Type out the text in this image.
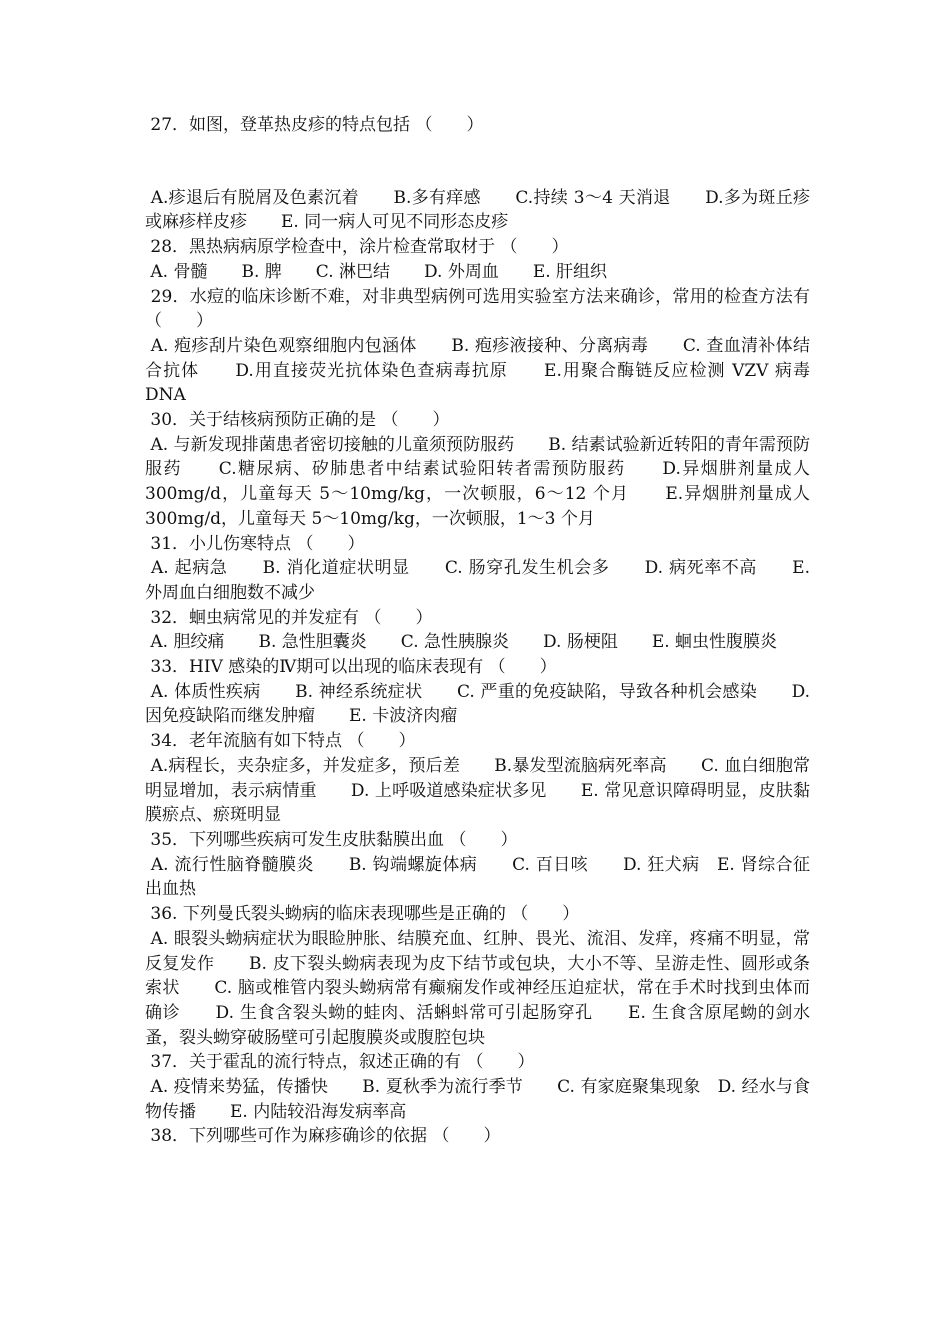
27．如图，登革热皮疹的特点包括 （　　）

A.疹退后有脱屑及色素沉着　　B.多有痒感　　C.持续 3～4 天消退　　D.多为斑丘疹或麻疹样皮疹　　E. 同一病人可见不同形态皮疹

28．黑热病病原学检查中，涂片检查常取材于 （　　）

A. 骨髓　　B. 脾　　C. 淋巴结　　D. 外周血　　E. 肝组织

29．水痘的临床诊断不难，对非典型病例可选用实验室方法来确诊，常用的检查方法有 （　　）

A. 疱疹刮片染色观察细胞内包涵体　　B. 疱疹液接种、分离病毒　　C. 查血清补体结合抗体　　D.用直接荧光抗体染色查病毒抗原　　E.用聚合酶链反应检测 VZV 病毒 DNA

30．关于结核病预防正确的是 （　　）

A. 与新发现排菌患者密切接触的儿童须预防服药　　B. 结素试验新近转阳的青年需预防服药　　C.糖尿病、矽肺患者中结素试验阳转者需预防服药　　D.异烟肼剂量成人 300mg/d，儿童每天 5～10mg/kg，一次顿服，6～12 个月　　E.异烟肼剂量成人 300mg/d，儿童每天 5～10mg/kg，一次顿服，1～3 个月

31．小儿伤寒特点 （　　）

A. 起病急　　B. 消化道症状明显　　C. 肠穿孔发生机会多　　D. 病死率不高　　E. 外周血白细胞数不减少

32．蛔虫病常见的并发症有 （　　）

A. 胆绞痛　　B. 急性胆囊炎　　C. 急性胰腺炎　　D. 肠梗阻　　E. 蛔虫性腹膜炎

33．HIV 感染的Ⅳ期可以出现的临床表现有 （　　）

A. 体质性疾病　　B. 神经系统症状　　C. 严重的免疫缺陷，导致各种机会感染　　D. 因免疫缺陷而继发肿瘤　　E. 卡波济肉瘤

34．老年流脑有如下特点 （　　）

A.病程长，夹杂症多，并发症多，预后差　　B.暴发型流脑病死率高　　C. 血白细胞常明显增加，表示病情重　　D. 上呼吸道感染症状多见　　E. 常见意识障碍明显，皮肤黏膜瘀点、瘀斑明显

35．下列哪些疾病可发生皮肤黏膜出血 （　　）

A. 流行性脑脊髓膜炎　　B. 钩端螺旋体病　　C. 百日咳　　D. 狂犬病　E. 肾综合征出血热

36. 下列曼氏裂头蚴病的临床表现哪些是正确的 （　　）

A. 眼裂头蚴病症状为眼睑肿胀、结膜充血、红肿、畏光、流泪、发痒，疼痛不明显，常反复发作　　B. 皮下裂头蚴病表现为皮下结节或包块，大小不等、呈游走性、圆形或条索状　　C. 脑或椎管内裂头蚴病常有癫痫发作或神经压迫症状，常在手术时找到虫体而确诊　　D. 生食含裂头蚴的蛙肉、活蝌蚪常可引起肠穿孔　　E. 生食含原尾蚴的剑水蚤，裂头蚴穿破肠壁可引起腹膜炎或腹腔包块

37．关于霍乱的流行特点，叙述正确的有 （　　）

A. 疫情来势猛，传播快　　B. 夏秋季为流行季节　　C. 有家庭聚集现象　D. 经水与食物传播　　E. 内陆较沿海发病率高

38．下列哪些可作为麻疹确诊的依据 （　　）
